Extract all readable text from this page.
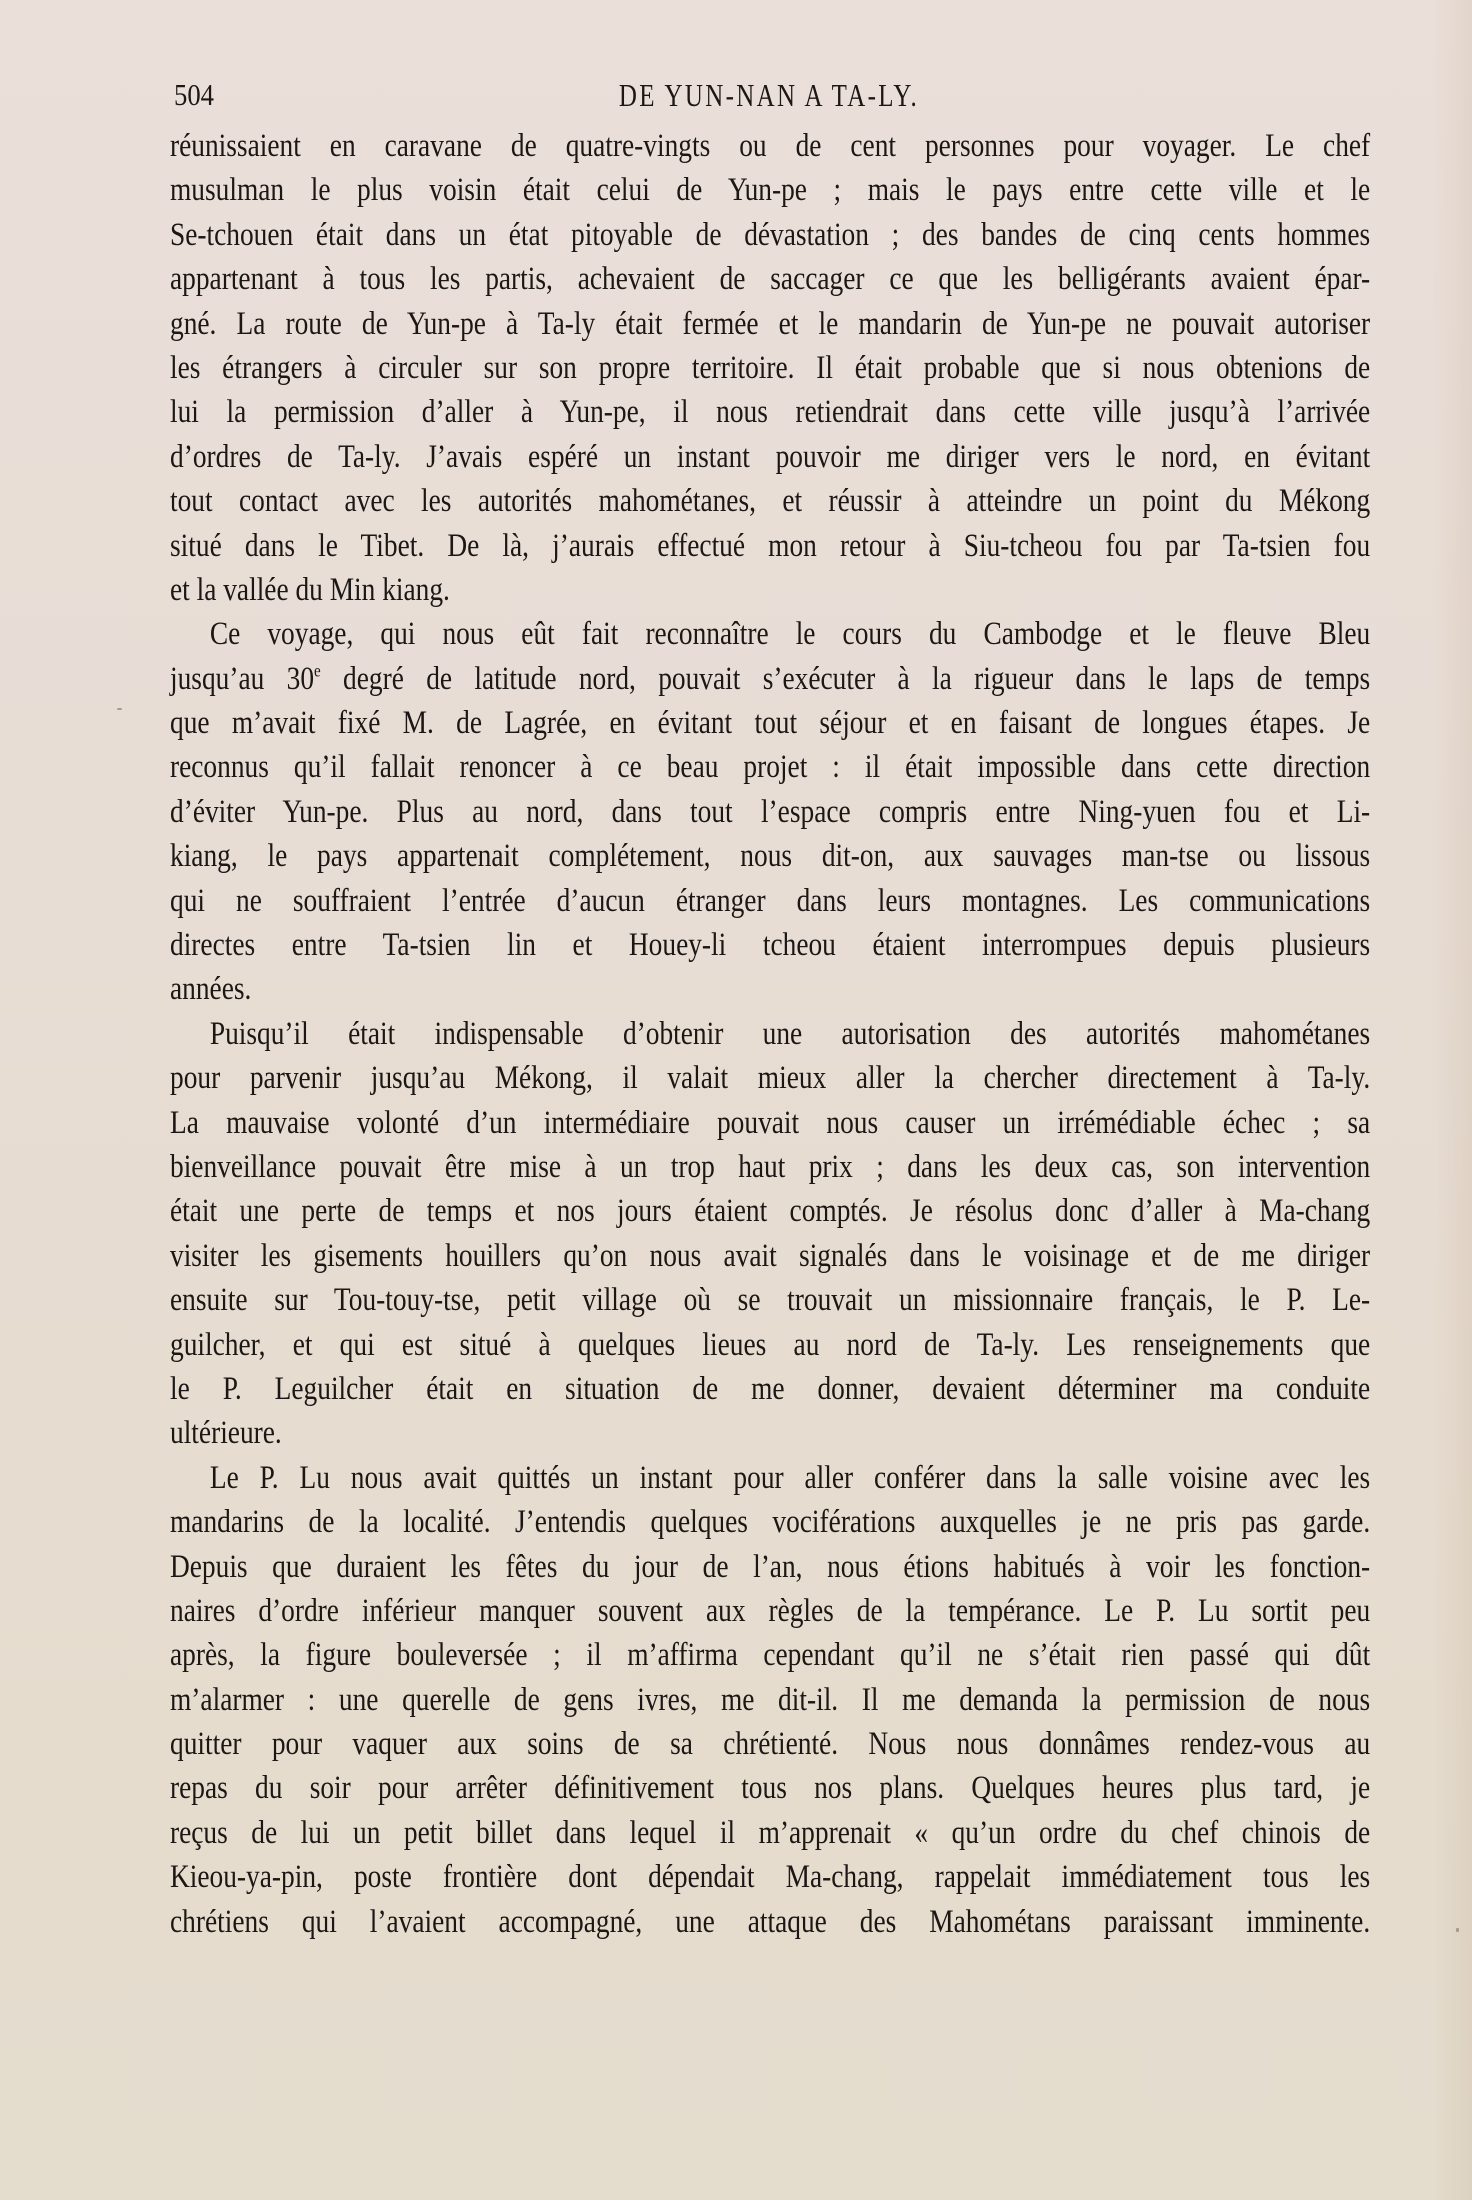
504	DE YUN-NAN A TA-LY.
réunissaient en caravane de quatre-vingts ou de cent personnes pour voyager. Le chef
musulman le plus voisin était celui de Yun-pe ; mais le pays entre cette ville et le
Se-tchouen était dans un état pitoyable de dévastation ; des bandes de cinq cents hommes
appartenant à tous les partis, achevaient de saccager ce que les belligérants avaient épar-
gné. La route de Yun-pe à Ta-ly était fermée et le mandarin de Yun-pe ne pouvait autoriser
les étrangers à circuler sur son propre territoire. Il était probable que si nous obtenions de
lui la permission d’aller à Yun-pe, il nous retiendrait dans cette ville jusqu’à l’arrivée
d’ordres de Ta-ly. J’avais espéré un instant pouvoir me diriger vers le nord, en évitant
tout contact avec les autorités mahométanes, et réussir à atteindre un point du Mékong
situé dans le Tibet. De là, j’aurais effectué mon retour à Siu-tcheou fou par Ta-tsien fou
et la vallée du Min kiang.
Ce voyage, qui nous eût fait reconnaître le cours du Cambodge et le fleuve Bleu
jusqu’au 30e degré de latitude nord, pouvait s’exécuter à la rigueur dans le laps de temps
que m’avait fixé M. de Lagrée, en évitant tout séjour et en faisant de longues étapes. Je
reconnus qu’il fallait renoncer à ce beau projet : il était impossible dans cette direction
d’éviter Yun-pe. Plus au nord, dans tout l’espace compris entre Ning-yuen fou et Li-
kiang, le pays appartenait complétement, nous dit-on, aux sauvages man-tse ou lissous
qui ne souffraient l’entrée d’aucun étranger dans leurs montagnes. Les communications
directes entre Ta-tsien lin et Houey-li tcheou étaient interrompues depuis plusieurs
années.
Puisqu’il était indispensable d’obtenir une autorisation des autorités mahométanes
pour parvenir jusqu’au Mékong, il valait mieux aller la chercher directement à Ta-ly.
La mauvaise volonté d’un intermédiaire pouvait nous causer un irrémédiable échec ; sa
bienveillance pouvait être mise à un trop haut prix ; dans les deux cas, son intervention
était une perte de temps et nos jours étaient comptés. Je résolus donc d’aller à Ma-chang
visiter les gisements houillers qu’on nous avait signalés dans le voisinage et de me diriger
ensuite sur Tou-touy-tse, petit village où se trouvait un missionnaire français, le P. Le-
guilcher, et qui est situé à quelques lieues au nord de Ta-ly. Les renseignements que
le P. Leguilcher était en situation de me donner, devaient déterminer ma conduite
ultérieure.
Le P. Lu nous avait quittés un instant pour aller conférer dans la salle voisine avec les
mandarins de la localité. J’entendis quelques vociférations auxquelles je ne pris pas garde.
Depuis que duraient les fêtes du jour de l’an, nous étions habitués à voir les fonction-
naires d’ordre inférieur manquer souvent aux règles de la tempérance. Le P. Lu sortit peu
après, la figure bouleversée ; il m’affirma cependant qu’il ne s’était rien passé qui dût
m’alarmer : une querelle de gens ivres, me dit-il. Il me demanda la permission de nous
quitter pour vaquer aux soins de sa chrétienté. Nous nous donnâmes rendez-vous au
repas du soir pour arrêter définitivement tous nos plans. Quelques heures plus tard, je
reçus de lui un petit billet dans lequel il m’apprenait « qu’un ordre du chef chinois de
Kieou-ya-pin, poste frontière dont dépendait Ma-chang, rappelait immédiatement tous les
chrétiens qui l’avaient accompagné, une attaque des Mahométans paraissant imminente.
